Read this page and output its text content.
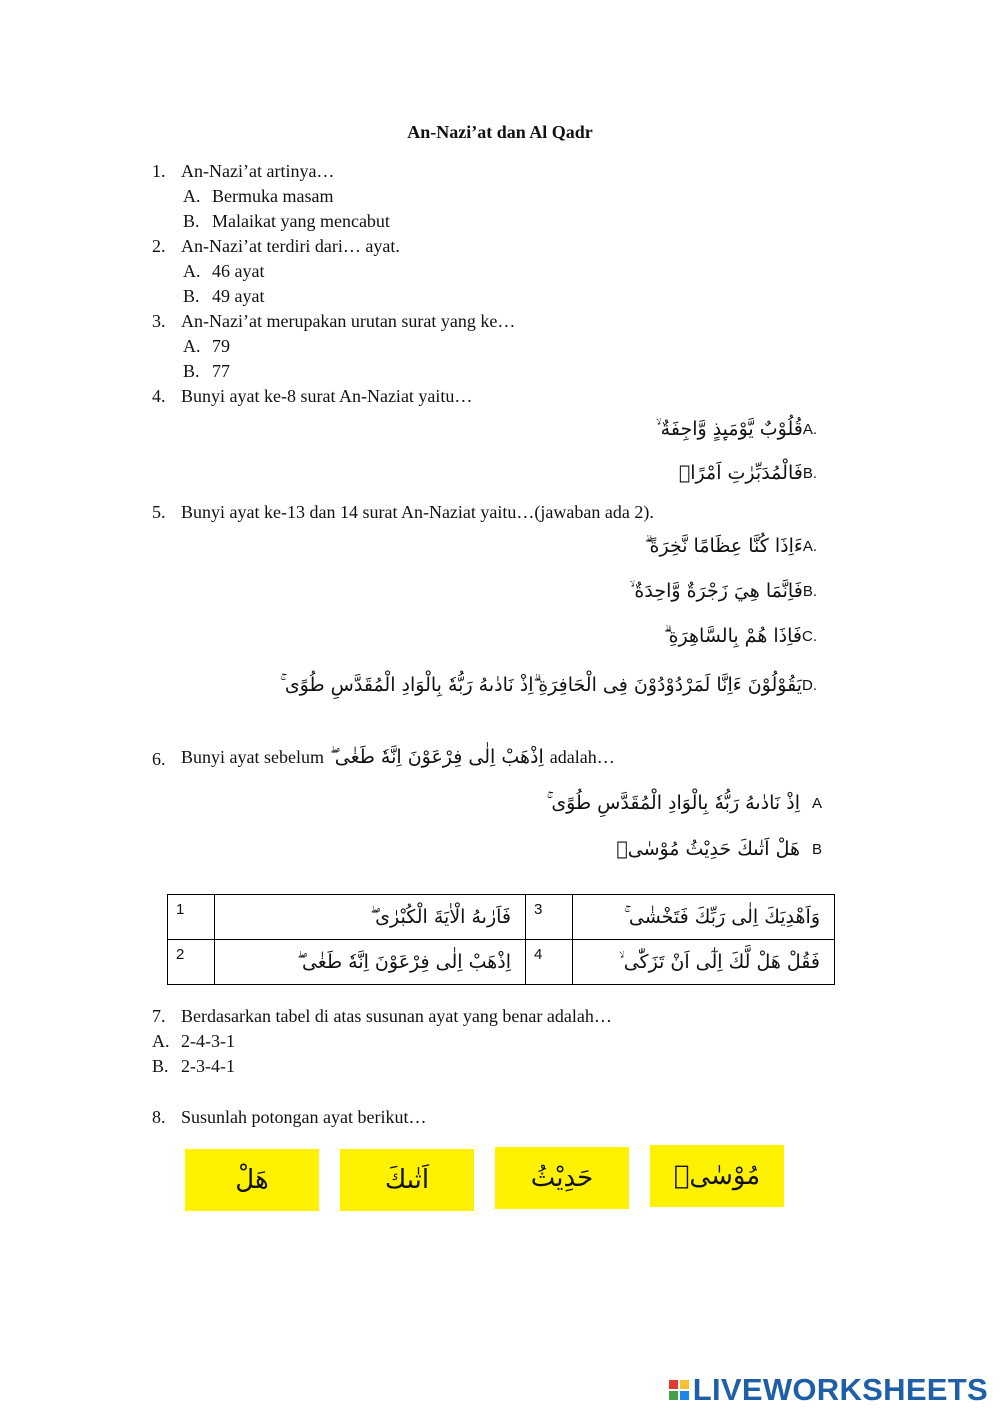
An-Nazi’at dan Al Qadr
1. An-Nazi’at artinya…
A. Bermuka masam
B. Malaikat yang mencabut
2. An-Nazi’at terdiri dari… ayat.
A. 46 ayat
B. 49 ayat
3. An-Nazi’at merupakan urutan surat yang ke…
A. 79
B. 77
4. Bunyi ayat ke-8 surat An-Naziat yaitu…
قُلُوْبٌ يَّوْمَىِٕذٍ وَّاجِفَةٌ ۙ A.
فَالْمُدَبِّرٰتِ اَمْرًاۘ B.
5. Bunyi ayat ke-13 dan 14 surat An-Naziat yaitu…(jawaban ada 2).
ءَاِذَا كُنَّا عِظَامًا نَّخِرَةً ۗ A.
فَاِنَّمَا هِيَ زَجْرَةٌ وَّاحِدَةٌ ۙ B.
فَاِذَا هُمْ بِالسَّاهِرَةِ ۗ C.
يَقُوْلُوْنَ ءَاِنَّا لَمَرْدُوْدُوْنَ فِى الْحَافِرَةِ ۗاِذْ نَادٰىهُ رَبُّهٗ بِالْوَادِ الْمُقَدَّسِ طُوًى ۚ D.
6. Bunyi ayat sebelum اِذْهَبْ اِلٰى فِرْعَوْنَ اِنَّهٗ طَغٰى ۖ adalah…
اِذْ نَادٰىهُ رَبُّهٗ بِالْوَادِ الْمُقَدَّسِ طُوًى ۚ A
هَلْ اَتٰىكَ حَدِيْثُ مُوْسٰىۘ B
1	فَاَرٰىهُ الْاٰيَةَ الْكُبْرٰى ۖ	3	وَاَهْدِيَكَ اِلٰى رَبِّكَ فَتَخْشٰى ۚ
2	اِذْهَبْ اِلٰى فِرْعَوْنَ اِنَّهٗ طَغٰى ۖ	4	فَقُلْ هَلْ لَّكَ اِلٰٓى اَنْ تَزَكّٰى ۙ
7. Berdasarkan tabel di atas susunan ayat yang benar adalah…
A. 2-4-3-1
B. 2-3-4-1
8. Susunlah potongan ayat berikut…
هَلْ	اَتٰىكَ	حَدِيْثُ	مُوْسٰىۘ
LIVEWORKSHEETS
